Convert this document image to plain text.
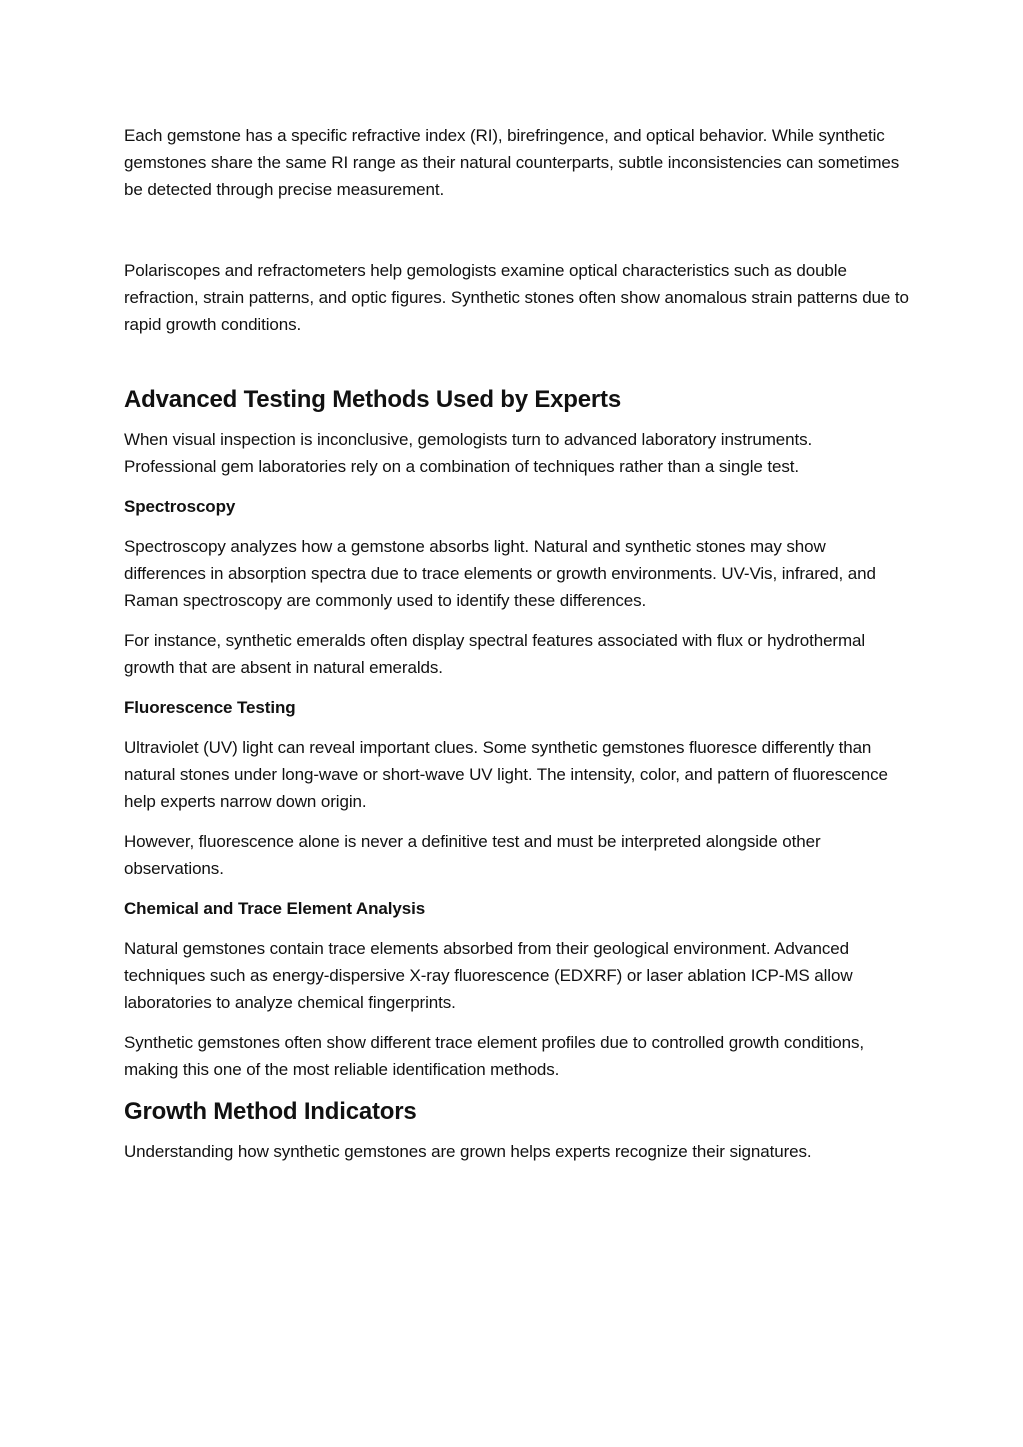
Each gemstone has a specific refractive index (RI), birefringence, and optical behavior. While synthetic gemstones share the same RI range as their natural counterparts, subtle inconsistencies can sometimes be detected through precise measurement.

Polariscopes and refractometers help gemologists examine optical characteristics such as double refraction, strain patterns, and optic figures. Synthetic stones often show anomalous strain patterns due to rapid growth conditions.

Advanced Testing Methods Used by Experts

When visual inspection is inconclusive, gemologists turn to advanced laboratory instruments. Professional gem laboratories rely on a combination of techniques rather than a single test.

Spectroscopy

Spectroscopy analyzes how a gemstone absorbs light. Natural and synthetic stones may show differences in absorption spectra due to trace elements or growth environments. UV-Vis, infrared, and Raman spectroscopy are commonly used to identify these differences.

For instance, synthetic emeralds often display spectral features associated with flux or hydrothermal growth that are absent in natural emeralds.

Fluorescence Testing

Ultraviolet (UV) light can reveal important clues. Some synthetic gemstones fluoresce differently than natural stones under long-wave or short-wave UV light. The intensity, color, and pattern of fluorescence help experts narrow down origin.

However, fluorescence alone is never a definitive test and must be interpreted alongside other observations.

Chemical and Trace Element Analysis

Natural gemstones contain trace elements absorbed from their geological environment. Advanced techniques such as energy-dispersive X-ray fluorescence (EDXRF) or laser ablation ICP-MS allow laboratories to analyze chemical fingerprints.

Synthetic gemstones often show different trace element profiles due to controlled growth conditions, making this one of the most reliable identification methods.

Growth Method Indicators

Understanding how synthetic gemstones are grown helps experts recognize their signatures.
